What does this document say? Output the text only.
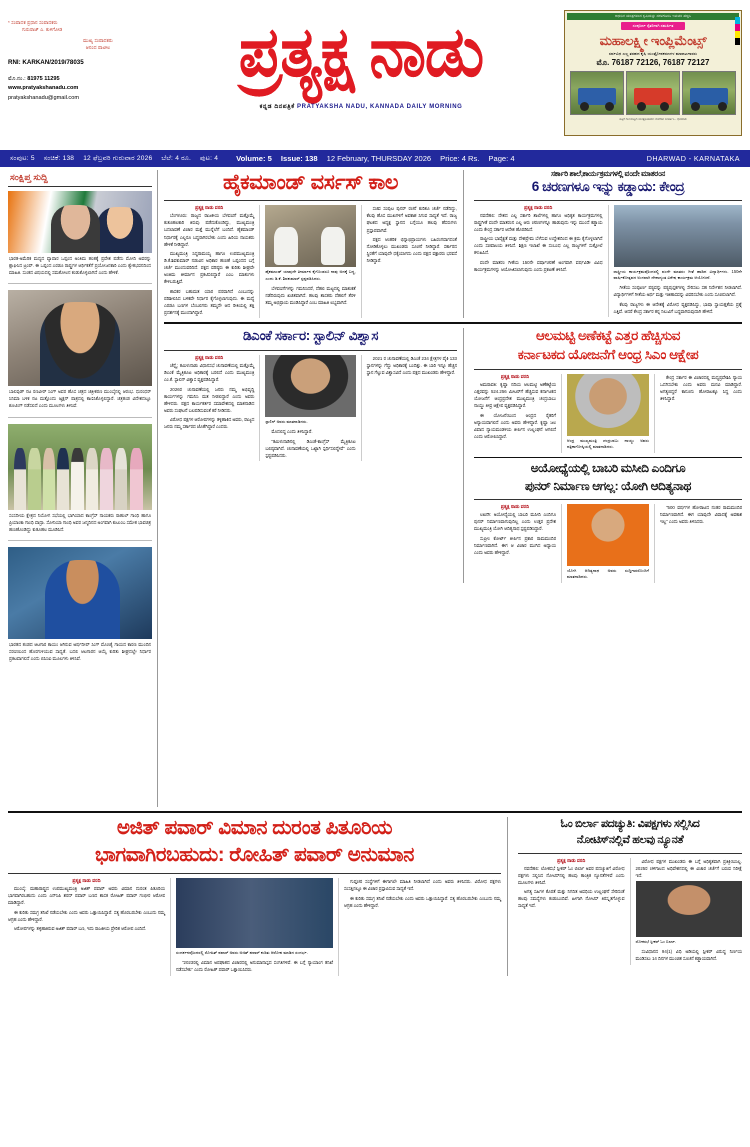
* ಸಂಪಾದಕ ಪ್ರಧಾನ ಸಂಪಾದಕರು
ಗುರುರಾಜ್ ಎ. ಕುಳಿಗೋಡ
ಮುಖ್ಯ ಸಂಪಾದಕರು
ಆನಂದ ಪಾಟೀಲ
RNI: KARKAN/2019/78035
ಮೊ.ನಂ.: 81975 11295
www.pratyakshanadu.com
pratyakshanadu@gmail.com
ಪ್ರತ್ಯಕ್ಷ ನಾಡು
ಕನ್ನಡ ದಿನಪತ್ರಿಕೆ PRATYAKSHA NADU, KANNADA DAILY MORNING
ಆಧುನಿಕ ಯಂತ್ರಗಳಿಂದ ಕೃಷಿಯನ್ನು ಸರಳಗೊಳಿಸಿ ಇಳುವರಿ ಹೆಚ್ಚಿಸಿ
ಸಂಪೂರ್ಣ ರೈತರಿಗಾಗಿ ಸಮರ್ಪಿತ
ಮಹಾಲಕ್ಷ್ಮೀ ಇಂಪ್ಲಿಮೆಂಟ್ಸ್
ಸರ್ವವಿಧ ಎಲ್ಲ ತರಹದ ಕೃಷಿ ಯಂತ್ರೋಪಕರಣಗಳ ಮಾರಾಟಗಾರರು
ಮೊ. 76187 72126, 76187 72127
ಪತ್ತಿಗೆ ಗುಣಮಟ್ಟದ ಯಂತ್ರೋಪಕರಣ ಸೇವೆಗಾಗಿ ಸಂಪರ್ಕಿಸಿ - ಧಾರವಾಡ
ಸಂಪುಟ:
5 ಸಂಚಿಕೆ:
138 12 ಫೆಬ್ರವರಿ ಗುರುವಾರ 2026 ಬೆಲೆ:
4 ರೂ. ಪುಟ:
4 Volume: 5 Issue: 138 12 February, THURSDAY 2026 Price: 4 Rs. Page: 4	DHARWAD - KARNATAKA
ಸಂಕ್ಷಿಪ್ತ ಸುದ್ದಿ
ಭಾರತ-ಅಮೆರಿಕ ಮಧ್ಯದ ವ್ಯಾಪಾರ ಒಪ್ಪಂದ ಅಂತಿಮ ಹಂತಕ್ಕೆ ಪ್ರವೇಶ ಪಡೆದು ಮೋದಿ ಅವರನ್ನು ಶ್ಲಾಘಿಸಿದ ಟ್ರಂಪ್. ಈ ಒಪ್ಪಂದ ಎರಡೂ ರಾಷ್ಟ್ರಗಳ ಆರ್ಥಿಕತೆಗೆ ಪ್ರಯೋಜನಕಾರಿ ಎಂದು ಶ್ವೇತಭವನದಿಂದ ಮಾಹಿತಿ. ಸುಂಕದ ವಿಷಯದಲ್ಲಿ ಸಮತೋಲನ ಕಂಡುಕೊಳ್ಳಲಾಗಿದೆ ಎಂದು ಹೇಳಿಕೆ.
ಬಾಲಿವುಡ್ ನಟ ರಣವೀರ್ ಸಿಂಗ್ ಅವರ ಹೊಸ ಚಿತ್ರದ ಚಿತ್ರೀಕರಣ ಮುಂಬೈನಲ್ಲಿ ಆರಂಭ. ಧುರಂಧರ್ ಸಿನಿಮಾ ಬಳಿಕ ನಟ ಮತ್ತೊಂದು ಆ್ಯಕ್ಷನ್ ಪಾತ್ರದಲ್ಲಿ ಕಾಣಿಸಿಕೊಳ್ಳಲಿದ್ದಾರೆ. ಚಿತ್ರತಂಡ ವಿದೇಶದಲ್ಲೂ ಶೂಟಿಂಗ್ ನಡೆಸಲಿದೆ ಎಂದು ಮೂಲಗಳು ತಿಳಿಸಿವೆ.
ಸಂಸದೀಯ ಕ್ಷೇತ್ರದ ನಿಯೋಗ ಸಭೆಯಲ್ಲಿ ಭಾಗಿಯಾದ ಕಾಂಗ್ರೆಸ್ ನಾಯಕರು ರಾಹುಲ್ ಗಾಂಧಿ ಹಾಗೂ ಪ್ರಿಯಾಂಕಾ ಗಾಂಧಿ ವಾದ್ರಾ. ಸೋನಿಯಾ ಗಾಂಧಿ ಅವರ ಜನ್ಮದಿನದ ಅಂಗವಾಗಿ ಕುಟುಂಬ ಸಮೇತ ಭಾವಚಿತ್ರ ಹಂಚಿಕೊಂಡಿದ್ದು ಕುತೂಹಲ ಮೂಡಿಸಿದೆ.
ಭಾರತದ ತಂಡದ ಆಟಗಾರ ಕಾಯಂ ಆಗಿರುವ ಅರ್ಷದೀಪ್ ಸಿಂಗ್ ಮೊಣಕೈ ಗಾಯದ ಕಾರಣ ಮುಂದಿನ ಸರಣಿಯಿಂದ ಹೊರಗುಳಿಯುವ ಸಾಧ್ಯತೆ. ಬದಲಿ ಆಟಗಾರನ ಆಯ್ಕೆ ಕುರಿತು ಶೀಘ್ರದಲ್ಲೇ ನಿರ್ಧಾರ ಪ್ರಕಟವಾಗಲಿದೆ ಎಂದು ಬಿಸಿಸಿಐ ಮೂಲಗಳು ತಿಳಿಸಿವೆ.
ಹೈಕಮಾಂಡ್ ವರ್ಸಸ್ ಕಾಲ
ಪ್ರತ್ಯಕ್ಷ ನಾಡು ವರದಿ

ಬೆಂಗಳೂರು: ರಾಜ್ಯದ ರಾಜಕೀಯ ಬೆಳವಣಿಗೆ ಮತ್ತೊಮ್ಮೆ ಕುತೂಹಲಕಾರಿ ತಿರುವು ಪಡೆದುಕೊಂಡಿದ್ದು, ಮುಖ್ಯಮಂತ್ರಿ ಬದಲಾವಣೆ ವಿಚಾರ ಮತ್ತೆ ಮುನ್ನೆಲೆಗೆ ಬಂದಿದೆ. ಹೈಕಮಾಂಡ್ ನಿರ್ಧಾರಕ್ಕೆ ಎಲ್ಲರೂ ಬದ್ಧರಾಗಿರಬೇಕು ಎಂದು ಹಿರಿಯ ನಾಯಕರು ಹೇಳಿಕೆ ನೀಡಿದ್ದಾರೆ.

ಮುಖ್ಯಮಂತ್ರಿ ಸಿದ್ದರಾಮಯ್ಯ ಹಾಗೂ ಉಪಮುಖ್ಯಮಂತ್ರಿ ಡಿ.ಕೆ.ಶಿವಕುಮಾರ್ ನಡುವಿನ ಅಧಿಕಾರ ಹಂಚಿಕೆ ಒಪ್ಪಂದದ ಬಗ್ಗೆ ಚರ್ಚೆ ಮುಂದುವರಿದಿದೆ. ಪಕ್ಷದ ವರಿಷ್ಠರು ಈ ಕುರಿತು ಶೀಘ್ರವೇ ಅಂತಿಮ ತೀರ್ಮಾನ ಪ್ರಕಟಿಸಲಿದ್ದಾರೆ ಎಂಬ ಮಾತುಗಳು ಕೇಳಿಬರುತ್ತಿವೆ.

ಶಾಸಕರ ಬಹುಮತ ಯಾರ ಪರವಾಗಿದೆ ಎಂಬುದನ್ನು ಪರಿಶೀಲಿಸಿದ ಬಳಿಕವೇ ನಿರ್ಧಾರ ಕೈಗೊಳ್ಳಲಾಗುವುದು. ಈ ಮಧ್ಯೆ ಎರಡೂ ಬಣಗಳ ಬೆಂಬಲಿಗರು ತಮ್ಮದೇ ಆದ ರೀತಿಯಲ್ಲಿ ಶಕ್ತಿ ಪ್ರದರ್ಶನಕ್ಕೆ ಮುಂದಾಗಿದ್ದಾರೆ.

ಹೈಕಮಾಂಡ್ ಯಾವುದೇ ತೀರ್ಮಾನ ಕೈಗೊಂಡರೂ ನಾವು ಅದಕ್ಕೆ ಬದ್ಧ, ಎಂದು ಡಿ.ಕೆ. ಶಿವಕುಮಾರ್ ಸ್ಪಷ್ಟಪಡಿಸಿದರು.

ಬೆಳವಣಿಗೆಗಳನ್ನು ಗಮನಿಸಿದರೆ, ದೆಹಲಿ ಮಟ್ಟದಲ್ಲಿ ಮಾತುಕತೆ ನಡೆದಿರುವುದು ಖಚಿತವಾಗಿದೆ. ಹಲವು ಶಾಸಕರು ದೆಹಲಿಗೆ ತೆರಳಿ ತಮ್ಮ ಅಭಿಪ್ರಾಯ ಮಂಡಿಸಿದ್ದಾರೆ ಎಂಬ ಮಾಹಿತಿ ಲಭ್ಯವಾಗಿದೆ.

ಸಚಿವ ಸಂಪುಟ ಪುನರ್ ರಚನೆ ಕುರಿತೂ ಚರ್ಚೆ ನಡೆದಿದ್ದು, ಕೆಲವು ಹೊಸ ಮುಖಗಳಿಗೆ ಅವಕಾಶ ಸಿಗುವ ಸಾಧ್ಯತೆ ಇದೆ. ರಾಜ್ಯ ಘಟಕದ ಅಧ್ಯಕ್ಷ ಸ್ಥಾನದ ಬಗ್ಗೆಯೂ ಹಲವು ಹೆಸರುಗಳು ಪ್ರಸ್ತಾಪವಾಗಿವೆ.

ಪಕ್ಷದ ಆಂತರಿಕ ಭಿನ್ನಾಭಿಪ್ರಾಯಗಳು ಬಹಿರಂಗವಾಗದಂತೆ ನೋಡಿಕೊಳ್ಳಲು ಮುಖಂಡರು ಸೂಚನೆ ನೀಡಿದ್ದಾರೆ. ಸರ್ಕಾರದ ಸ್ಥಿರತೆಗೆ ಯಾವುದೇ ಧಕ್ಕೆಯಾಗದು ಎಂದು ಪಕ್ಷದ ವಕ್ತಾರರು ಭರವಸೆ ನೀಡಿದ್ದಾರೆ.

ಸರ್ಕಾರಿ ಶಾಲೆ,ಕಾರ್ಯಕ್ರಮಗಳಲ್ಲಿ ವಂದೇ ಮಾತರಂನ
6 ಚರಣಗಳೂ ಇನ್ನು ಕಡ್ಡಾಯ: ಕೇಂದ್ರ
ಪ್ರತ್ಯಕ್ಷ ನಾಡು ವರದಿ

ನವದೆಹಲಿ: ದೇಶದ ಎಲ್ಲ ಸರ್ಕಾರಿ ಶಾಲೆಗಳಲ್ಲಿ ಹಾಗೂ ಅಧಿಕೃತ ಕಾರ್ಯಕ್ರಮಗಳಲ್ಲಿ ರಾಷ್ಟ್ರಗೀತೆ ವಂದೇ ಮಾತರಂನ ಎಲ್ಲ ಆರು ಚರಣಗಳನ್ನೂ ಹಾಡುವುದು ಇನ್ನು ಮುಂದೆ ಕಡ್ಡಾಯ ಎಂದು ಕೇಂದ್ರ ಸರ್ಕಾರ ಆದೇಶ ಹೊರಡಿಸಿದೆ.

ರಾಷ್ಟ್ರೀಯ ಭಾವೈಕ್ಯತೆ ಮತ್ತು ದೇಶಪ್ರೇಮ ಬೆಳೆಸುವ ಉದ್ದೇಶದಿಂದ ಈ ಕ್ರಮ ಕೈಗೊಳ್ಳಲಾಗಿದೆ ಎಂದು ಸಚಿವಾಲಯ ತಿಳಿಸಿದೆ. ಶಿಕ್ಷಣ ಇಲಾಖೆ ಈ ಸಂಬಂಧ ಎಲ್ಲ ರಾಜ್ಯಗಳಿಗೆ ಸುತ್ತೋಲೆ ಕಳುಹಿಸಿದೆ.

ವಂದೇ ಮಾತರಂ ಗೀತೆಯ 150ನೇ ವರ್ಷಾಚರಣೆ ಅಂಗವಾಗಿ ವರ್ಷವಿಡೀ ವಿವಿಧ ಕಾರ್ಯಕ್ರಮಗಳನ್ನು ಆಯೋಜಿಸಲಾಗುವುದು ಎಂದು ಪ್ರಕಟಣೆ ತಿಳಿಸಿದೆ.	ರಾಷ್ಟ್ರೀಯ ಕಾರ್ಯಕ್ರಮವೊಂದರಲ್ಲಿ ವಂದೇ ಮಾತರಂ ಗೀತೆ ಹಾಡಿದ ವಿದ್ಯಾರ್ಥಿಗಳು. 150ನೇ ವಾರ್ಷಿಕೋತ್ಸವದ ಅಂಗವಾಗಿ ದೇಶಾದ್ಯಂತ ವಿಶೇಷ ಕಾರ್ಯಕ್ರಮ ಆಯೋಜನೆ.

ಗೀತೆಯ ಸಂಪೂರ್ಣ ಪಠ್ಯವನ್ನು ಪಠ್ಯಪುಸ್ತಕಗಳಲ್ಲಿ ಸೇರಿಸಲು ಸಹ ನಿರ್ದೇಶನ ನೀಡಲಾಗಿದೆ. ವಿದ್ಯಾರ್ಥಿಗಳಿಗೆ ಗೀತೆಯ ಅರ್ಥ ಮತ್ತು ಇತಿಹಾಸವನ್ನು ವಿವರಿಸಬೇಕು ಎಂದು ಸೂಚಿಸಲಾಗಿದೆ.

ಕೆಲವು ರಾಜ್ಯಗಳು ಈ ಆದೇಶಕ್ಕೆ ವಿರೋಧ ವ್ಯಕ್ತಪಡಿಸಿದ್ದು, ಭಾಷಾ ಸ್ವಾಯತ್ತತೆಯ ಪ್ರಶ್ನೆ ಎತ್ತಿವೆ. ಆದರೆ ಕೇಂದ್ರ ಸರ್ಕಾರ ತನ್ನ ನಿಲುವಿಗೆ ಬದ್ಧವಾಗಿರುವುದಾಗಿ ಹೇಳಿದೆ.

ಡಿಎಂಕೆ ಸರ್ಕಾರ: ಸ್ಟಾಲಿನ್ ವಿಶ್ವಾಸ
ಪ್ರತ್ಯಕ್ಷ ನಾಡು ವರದಿ

ಚೆನ್ನೈ: ತಮಿಳುನಾಡು ವಿಧಾನಸಭೆ ಚುನಾವಣೆಯಲ್ಲಿ ಮತ್ತೊಮ್ಮೆ ಡಿಎಂಕೆ ಮೈತ್ರಿಕೂಟ ಅಧಿಕಾರಕ್ಕೆ ಬರಲಿದೆ ಎಂದು ಮುಖ್ಯಮಂತ್ರಿ ಎಂ.ಕೆ. ಸ್ಟಾಲಿನ್ ವಿಶ್ವಾಸ ವ್ಯಕ್ತಪಡಿಸಿದ್ದಾರೆ.

2026ರ ಚುನಾವಣೆಯಲ್ಲಿ ಜನರು ನಮ್ಮ ಅಭಿವೃದ್ಧಿ ಕಾರ್ಯಗಳನ್ನು ಗಮನಿಸಿ ಮತ ನೀಡಲಿದ್ದಾರೆ ಎಂದು ಅವರು ಹೇಳಿದರು. ಪಕ್ಷದ ಕಾರ್ಯಕರ್ತರ ಸಮಾವೇಶದಲ್ಲಿ ಮಾತನಾಡಿದ ಅವರು ಸಂಘಟನೆ ಬಲಪಡಿಸುವಂತೆ ಕರೆ ನೀಡಿದರು.

ವಿರೋಧ ಪಕ್ಷಗಳ ಆರೋಪಗಳನ್ನು ತಳ್ಳಿಹಾಕಿದ ಅವರು, ರಾಜ್ಯದ ಜನರು ನಮ್ಮ ಸರ್ಕಾರದ ಜೊತೆಗಿದ್ದಾರೆ ಎಂದರು.

ಸ್ಟಾಲಿನ್ ಅವರು ಮಾತನಾಡಿದರು.

ಮೊದಲಿದ್ದ ಎಂದು ತಿಳಿಸಿದ್ದಾರೆ.

"ತಮಿಳುನಾಡಿನಲ್ಲಿ ಡಿಎಂಕೆ-ಕಾಂಗ್ರೆಸ್ ಮೈತ್ರಿಕೂಟ ಬಲಿಷ್ಠವಾಗಿದೆ. ಚುನಾವಣೆಯಲ್ಲಿ ಒಟ್ಟಾಗಿ ಸ್ಪರ್ಧಿಸಲಿದ್ದೇವೆ" ಎಂದು ಸ್ಪಷ್ಟಪಡಿಸಿದರು.

2021 ರ ಚುನಾವಣೆಯಲ್ಲಿ ಡಿಎಂಕೆ 234 ಕ್ಷೇತ್ರಗಳ ಪೈಕಿ 133 ಸ್ಥಾನಗಳನ್ನು ಗೆದ್ದು ಅಧಿಕಾರಕ್ಕೆ ಬಂದಿತ್ತು. ಈ ಬಾರಿ ಇನ್ನೂ ಹೆಚ್ಚಿನ ಸ್ಥಾನ ಗೆಲ್ಲುವ ವಿಶ್ವಾಸವಿದೆ ಎಂದು ಪಕ್ಷದ ಮುಖಂಡರು ಹೇಳಿದ್ದಾರೆ.

ಆಲಮಟ್ಟಿ ಅಣೆಕಟ್ಟೆ ಎತ್ತರ ಹೆಚ್ಚಿಸುವ
ಕರ್ನಾಟಕದ ಯೋಜನೆಗೆ ಆಂಧ್ರ ಸಿಎಂ ಆಕ್ಷೇಪ
ಪ್ರತ್ಯಕ್ಷ ನಾಡು ವರದಿ

ಅಮರಾವತಿ: ಕೃಷ್ಣಾ ನದಿಯ ಆಲಮಟ್ಟಿ ಅಣೆಕಟ್ಟೆಯ ಎತ್ತರವನ್ನು 524.256 ಮೀಟರ್‌ಗೆ ಹೆಚ್ಚಿಸುವ ಕರ್ನಾಟಕದ ಯೋಜನೆಗೆ ಆಂಧ್ರಪ್ರದೇಶ ಮುಖ್ಯಮಂತ್ರಿ ಚಂದ್ರಬಾಬು ನಾಯ್ಡು ತೀವ್ರ ಆಕ್ಷೇಪ ವ್ಯಕ್ತಪಡಿಸಿದ್ದಾರೆ.

ಈ ಯೋಜನೆಯಿಂದ ಆಂಧ್ರದ ರೈತರಿಗೆ ಅನ್ಯಾಯವಾಗಲಿದೆ ಎಂದು ಅವರು ಹೇಳಿದ್ದಾರೆ. ಕೃಷ್ಣಾ ಜಲ ವಿವಾದ ನ್ಯಾಯಮಂಡಳಿಯ ತೀರ್ಪಿನ ಉಲ್ಲಂಘನೆ ಆಗಲಿದೆ ಎಂದು ಆರೋಪಿಸಿದ್ದಾರೆ.

ಆಂಧ್ರ ಮುಖ್ಯಮಂತ್ರಿ ಚಂದ್ರಬಾಬು ನಾಯ್ಡು ಅವರು ಪತ್ರಿಕಾಗೋಷ್ಠಿಯಲ್ಲಿ ಮಾತನಾಡಿದರು.

ಕೇಂದ್ರ ಸರ್ಕಾರ ಈ ವಿಚಾರದಲ್ಲಿ ಮಧ್ಯಪ್ರವೇಶಿಸಿ ನ್ಯಾಯ ಒದಗಿಸಬೇಕು ಎಂದು ಅವರು ಮನವಿ ಮಾಡಿದ್ದಾರೆ. ಅಗತ್ಯಬಿದ್ದರೆ ಕಾನೂನು ಹೋರಾಟಕ್ಕೂ ಸಿದ್ಧ ಎಂದು ತಿಳಿಸಿದ್ದಾರೆ.

ಅಯೋಧ್ಯೆಯಲ್ಲಿ ಬಾಬರಿ ಮಸೀದಿ ಎಂದಿಗೂ
ಪುನರ್ ನಿರ್ಮಾಣ ಆಗಲ್ಲ: ಯೋಗಿ ಆದಿತ್ಯನಾಥ
ಪ್ರತ್ಯಕ್ಷ ನಾಡು ವರದಿ

ಲಖನೌ: ಅಯೋಧ್ಯೆಯಲ್ಲಿ ಬಾಬರಿ ಮಸೀದಿ ಎಂದಿಗೂ ಪುನರ್ ನಿರ್ಮಾಣವಾಗುವುದಿಲ್ಲ ಎಂದು ಉತ್ತರ ಪ್ರದೇಶ ಮುಖ್ಯಮಂತ್ರಿ ಯೋಗಿ ಆದಿತ್ಯನಾಥ ಸ್ಪಷ್ಟಪಡಿಸಿದ್ದಾರೆ.

ಸುಪ್ರೀಂ ಕೋರ್ಟ್ ತೀರ್ಪಿನ ಪ್ರಕಾರ ರಾಮಮಂದಿರ ನಿರ್ಮಾಣವಾಗಿದೆ. ಈಗ ಆ ವಿಚಾರ ಮುಗಿದ ಅಧ್ಯಾಯ ಎಂದು ಅವರು ಹೇಳಿದ್ದಾರೆ.

ಯೋಗಿ ಆದಿತ್ಯನಾಥ ಅವರು ಸುದ್ದಿಗಾರರೊಂದಿಗೆ ಮಾತನಾಡಿದರು.

"500 ವರ್ಷಗಳ ಹೋರಾಟದ ನಂತರ ರಾಮಮಂದಿರ ನಿರ್ಮಾಣವಾಗಿದೆ. ಈಗ ಯಾವುದೇ ವಿವಾದಕ್ಕೆ ಅವಕಾಶ ಇಲ್ಲ" ಎಂದು ಅವರು ತಿಳಿಸಿದರು.

ಅಜಿತ್ ಪವಾರ್ ವಿಮಾನ ದುರಂತ ಪಿತೂರಿಯ
ಭಾಗವಾಗಿರಬಹುದು: ರೋಹಿತ್ ಪವಾರ್ ಅನುಮಾನ
ಪ್ರತ್ಯಕ್ಷ ನಾಡು ವರದಿ

ಮುಂಬೈ: ಮಹಾರಾಷ್ಟ್ರದ ಉಪಮುಖ್ಯಮಂತ್ರಿ ಅಜಿತ್ ಪವಾರ್ ಅವರು ವಿಮಾನ ದುರಂತ ಪಿತೂರಿಯ ಭಾಗವಾಗಿರಬಹುದು ಎಂದು ಎನ್‌ಸಿಪಿ ಶರದ್ ಪವಾರ್ ಬಣದ ಶಾಸಕ ರೋಹಿತ್ ಪವಾರ್ ಗಂಭೀರ ಆರೋಪ ಮಾಡಿದ್ದಾರೆ.

ಈ ಕುರಿತು ಸಮಗ್ರ ತನಿಖೆ ನಡೆಯಬೇಕು ಎಂದು ಅವರು ಒತ್ತಾಯಿಸಿದ್ದಾರೆ. ಸತ್ಯ ಹೊರಬರಬೇಕು ಎಂಬುದು ನಮ್ಮ ಆಗ್ರಹ ಎಂದು ಹೇಳಿದ್ದಾರೆ.

ಆರೋಪಗಳನ್ನು ತಳ್ಳಿಹಾಕಿರುವ ಅಜಿತ್ ಪವಾರ್ ಬಣ, ಇದು ರಾಜಕೀಯ ಪ್ರೇರಿತ ಆರೋಪ ಎಂದಿದೆ.

ಸಂದರ್ಶನವೊಂದರಲ್ಲಿ ರೋಹಿತ್ ಪವಾರ್ ಅವರು ಅಜಿತ್ ಪವಾರ್ ಕುರಿತು ಆರೋಪ ಮಾಡಿದ ಸಂದರ್ಭ.

"2023ರಲ್ಲಿ ವಿಮಾನ ಅಪಘಾತದ ವಿಚಾರದಲ್ಲಿ ಅನುಮಾನಾಸ್ಪದ ಸಂಗತಿಗಳಿವೆ. ಈ ಬಗ್ಗೆ ನ್ಯಾಯಾಂಗ ತನಿಖೆ ನಡೆಸಬೇಕು" ಎಂದು ರೋಹಿತ್ ಪವಾರ್ ಒತ್ತಾಯಿಸಿದರು.

ಗುಪ್ತಚರ ಸಂಸ್ಥೆಗಳಿಗೆ ಈಗಾಗಲೇ ಮಾಹಿತಿ ನೀಡಲಾಗಿದೆ ಎಂದು ಅವರು ತಿಳಿಸಿದರು. ವಿರೋಧ ಪಕ್ಷಗಳು ಸಂಸತ್ತಿನಲ್ಲೂ ಈ ವಿಚಾರ ಪ್ರಸ್ತಾಪಿಸುವ ಸಾಧ್ಯತೆ ಇದೆ.

ಈ ಕುರಿತು ಸಮಗ್ರ ತನಿಖೆ ನಡೆಯಬೇಕು ಎಂದು ಅವರು ಒತ್ತಾಯಿಸಿದ್ದಾರೆ. ಸತ್ಯ ಹೊರಬರಬೇಕು ಎಂಬುದು ನಮ್ಮ ಆಗ್ರಹ ಎಂದು ಹೇಳಿದ್ದಾರೆ.

ಓಂ ಬಿರ್ಲಾ ಪದಚ್ಯುತಿ: ವಿಪಕ್ಷಗಳು ಸಲ್ಲಿಸಿದ
ನೋಟಿಸ್‌ನಲ್ಲಿವೆ ಹಲವು ನ್ಯೂನತೆ
ಪ್ರತ್ಯಕ್ಷ ನಾಡು ವರದಿ

ನವದೆಹಲಿ: ಲೋಕಸಭೆ ಸ್ಪೀಕರ್ ಓಂ ಬಿರ್ಲಾ ಅವರ ಪದಚ್ಯುತಿಗೆ ವಿರೋಧ ಪಕ್ಷಗಳು ಸಲ್ಲಿಸಿದ ನೋಟಿಸ್‌ನಲ್ಲಿ ಹಲವು ತಾಂತ್ರಿಕ ನ್ಯೂನತೆಗಳಿವೆ ಎಂದು ಮೂಲಗಳು ತಿಳಿಸಿವೆ.

ಅಗತ್ಯ ಸಹಿಗಳ ಕೊರತೆ ಮತ್ತು ನಿಗದಿತ ಅವಧಿಯ ಉಲ್ಲಂಘನೆ ಸೇರಿದಂತೆ ಹಲವು ಸಮಸ್ಯೆಗಳು ಕಂಡುಬಂದಿವೆ. ಹೀಗಾಗಿ ನೋಟಿಸ್ ತಿರಸ್ಕೃತಗೊಳ್ಳುವ ಸಾಧ್ಯತೆ ಇದೆ.

ವಿರೋಧ ಪಕ್ಷಗಳ ಮುಖಂಡರು ಈ ಬಗ್ಗೆ ಅಧಿಕೃತವಾಗಿ ಪ್ರತಿಕ್ರಿಯಿಸಿಲ್ಲ. 2025ರ ಚಳಿಗಾಲದ ಅಧಿವೇಶನದಲ್ಲಿ ಈ ವಿಚಾರ ಚರ್ಚೆಗೆ ಬರುವ ನಿರೀಕ್ಷೆ ಇದೆ.

ಲೋಕಸಭೆ ಸ್ಪೀಕರ್ ಓಂ ಬಿರ್ಲಾ.

ಸಂವಿಧಾನದ 94(1) ವಿಧಿ ಅಡಿಯಲ್ಲಿ ಸ್ಪೀಕರ್ ವಿರುದ್ಧ ನಿರ್ಣಯ ಮಂಡಿಸಲು 14 ದಿನಗಳ ಮುಂಚಿತ ಸೂಚನೆ ಕಡ್ಡಾಯವಾಗಿದೆ.
